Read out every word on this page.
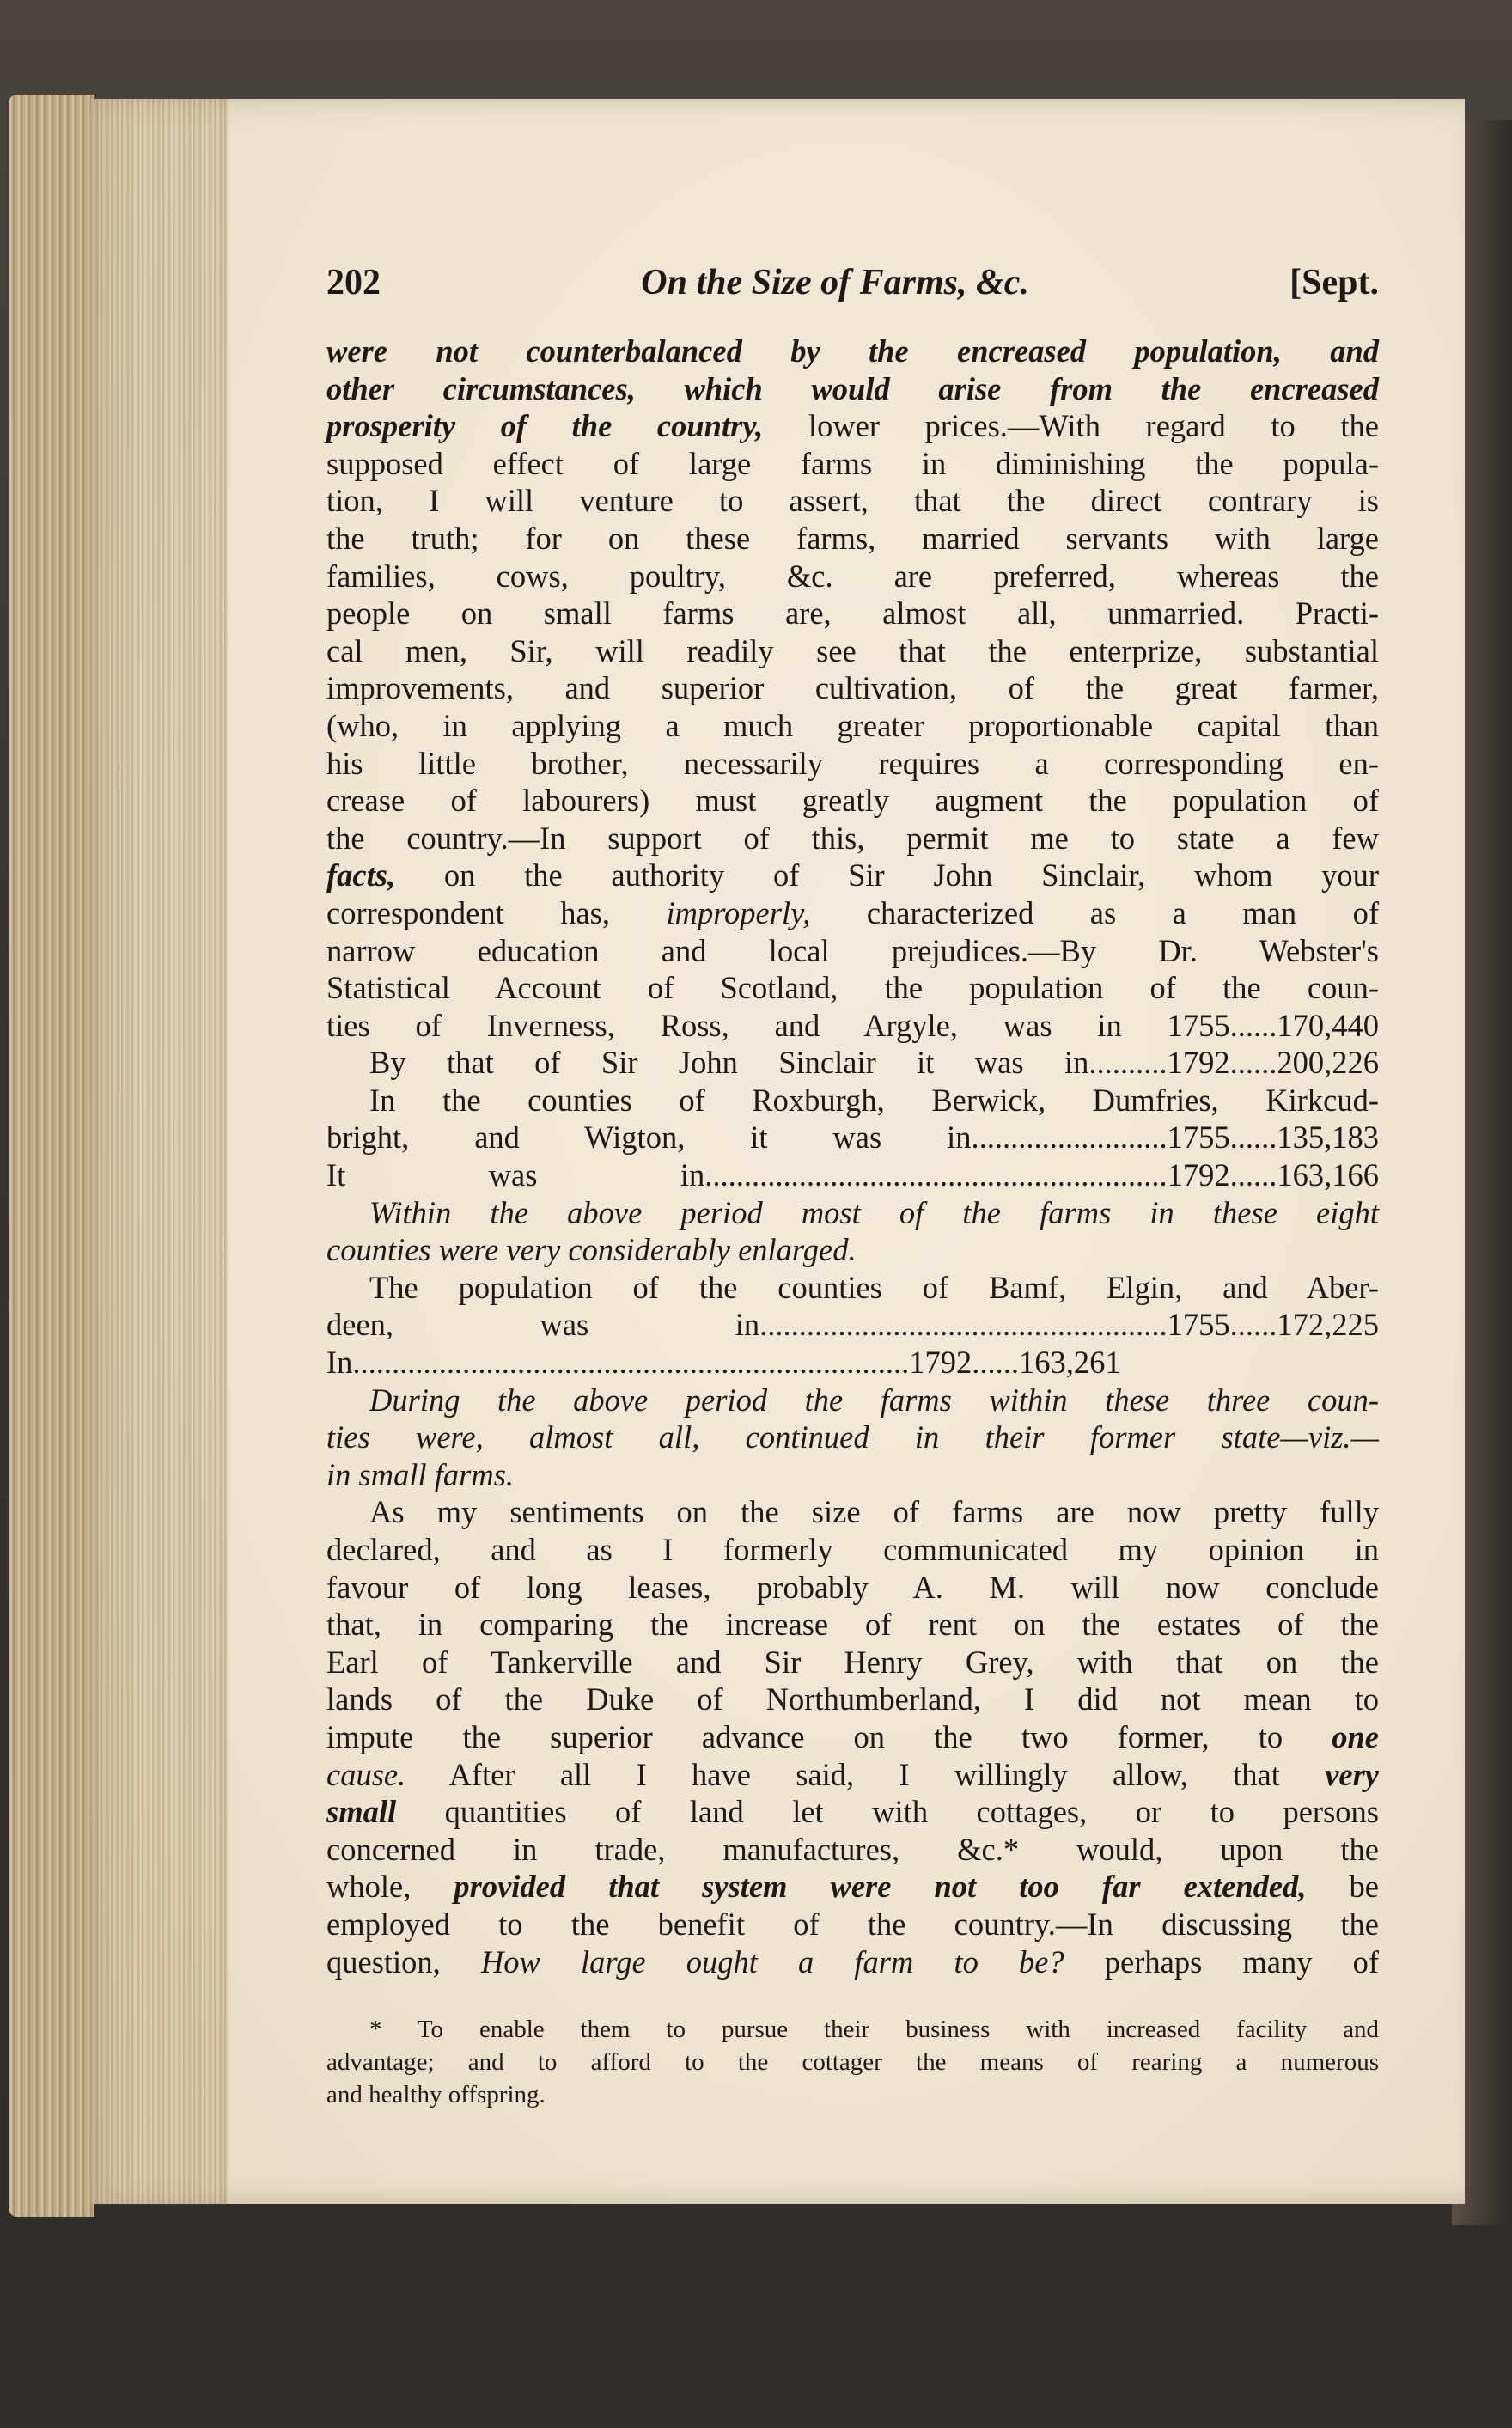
202	On the Size of Farms, &c.	[Sept.
were not counterbalanced by the encreased population, and
other circumstances, which would arise from the encreased
prosperity of the country, lower prices.—With regard to the
supposed effect of large farms in diminishing the popula-
tion, I will venture to assert, that the direct contrary is
the truth; for on these farms, married servants with large
families, cows, poultry, &c. are preferred, whereas the
people on small farms are, almost all, unmarried. Practi-
cal men, Sir, will readily see that the enterprize, substantial
improvements, and superior cultivation, of the great farmer,
(who, in applying a much greater proportionable capital than
his little brother, necessarily requires a corresponding en-
crease of labourers) must greatly augment the population of
the country.—In support of this, permit me to state a few
facts, on the authority of Sir John Sinclair, whom your
correspondent has, improperly, characterized as a man of
narrow education and local prejudices.—By Dr. Webster's
Statistical Account of Scotland, the population of the coun-
ties of Inverness, Ross, and Argyle, was in 1755......170,440
By that of Sir John Sinclair it was in..........1792......200,226
In the counties of Roxburgh, Berwick, Dumfries, Kirkcud-
bright, and Wigton, it was in.........................1755......135,183
It was in...........................................................1792......163,166
Within the above period most of the farms in these eight
counties were very considerably enlarged.
The population of the counties of Bamf, Elgin, and Aber-
deen, was in....................................................1755......172,225
In.......................................................................1792......163,261
During the above period the farms within these three coun-
ties were, almost all, continued in their former state—viz.—
in small farms.
As my sentiments on the size of farms are now pretty fully
declared, and as I formerly communicated my opinion in
favour of long leases, probably A. M. will now conclude
that, in comparing the increase of rent on the estates of the
Earl of Tankerville and Sir Henry Grey, with that on the
lands of the Duke of Northumberland, I did not mean to
impute the superior advance on the two former, to one
cause. After all I have said, I willingly allow, that very
small quantities of land let with cottages, or to persons
concerned in trade, manufactures, &c.* would, upon the
whole, provided that system were not too far extended, be
employed to the benefit of the country.—In discussing the
question, How large ought a farm to be? perhaps many of
* To enable them to pursue their business with increased facility and
advantage; and to afford to the cottager the means of rearing a numerous
and healthy offspring.
